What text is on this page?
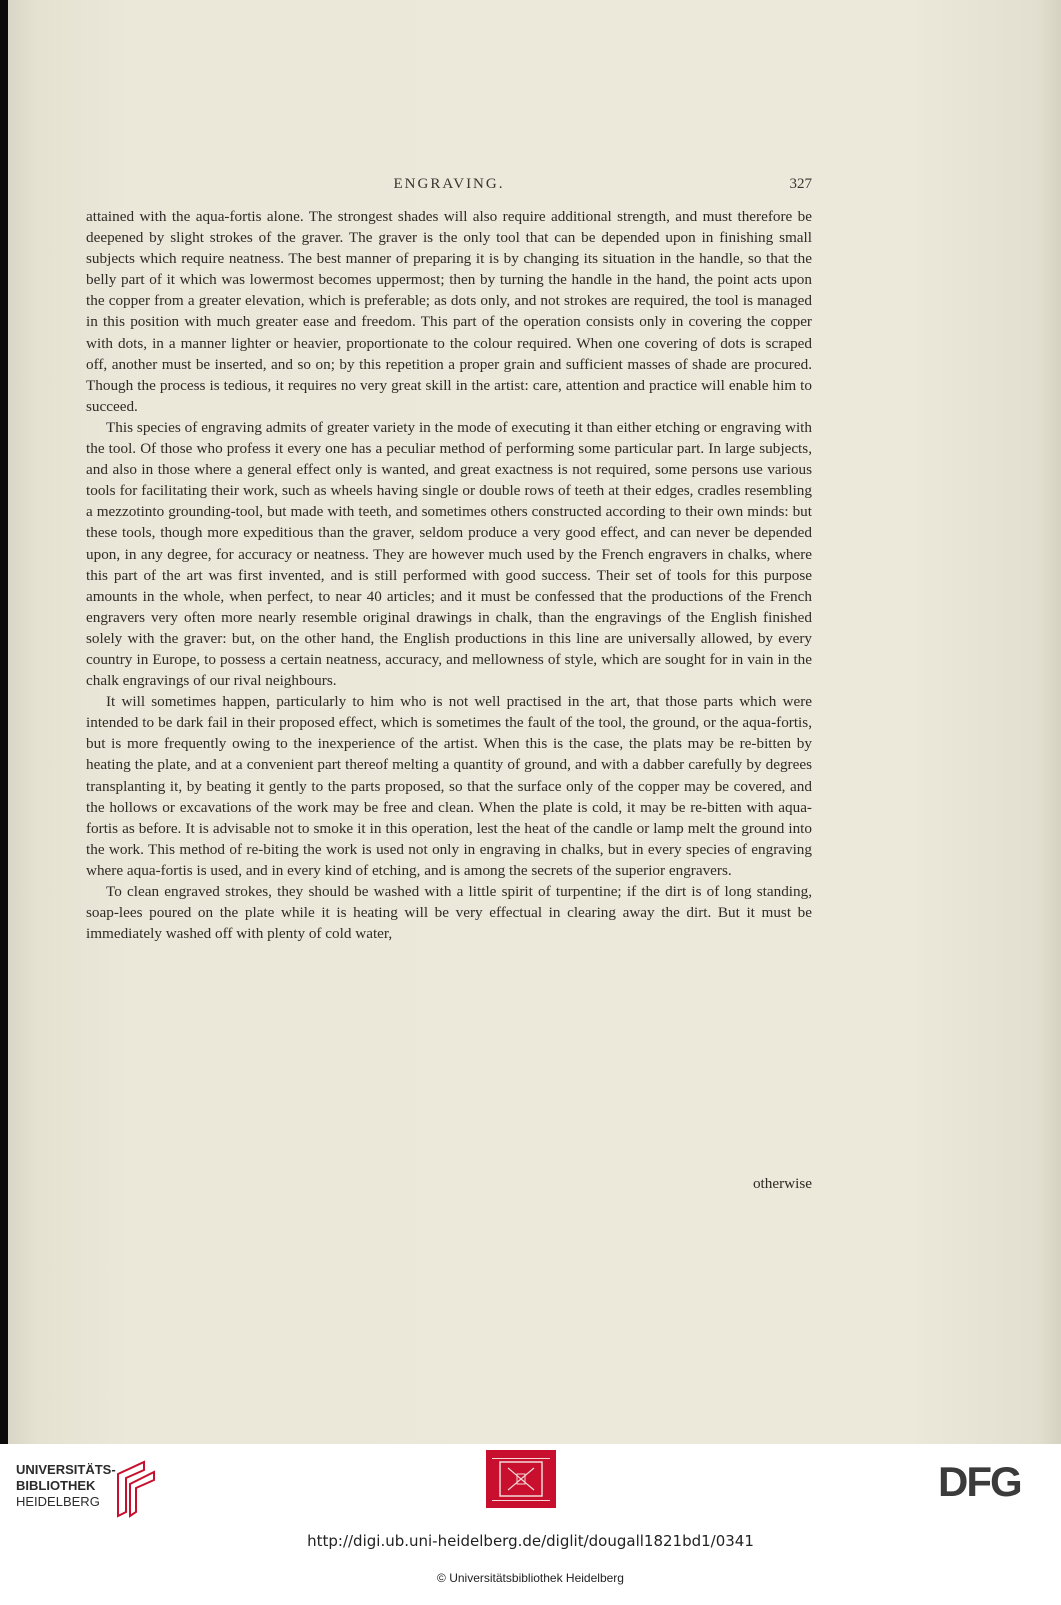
ENGRAVING.	327

attained with the aqua-fortis alone. The strongest shades will also require additional strength, and must therefore be deepened by slight strokes of the graver. The graver is the only tool that can be depended upon in finishing small subjects which require neatness. The best manner of preparing it is by changing its situation in the handle, so that the belly part of it which was lowermost becomes uppermost; then by turning the handle in the hand, the point acts upon the copper from a greater elevation, which is preferable; as dots only, and not strokes are required, the tool is managed in this position with much greater ease and freedom. This part of the operation consists only in covering the copper with dots, in a manner lighter or heavier, proportionate to the colour required. When one covering of dots is scraped off, another must be inserted, and so on; by this repetition a proper grain and sufficient masses of shade are procured. Though the process is tedious, it requires no very great skill in the artist: care, attention and practice will enable him to succeed.

This species of engraving admits of greater variety in the mode of executing it than either etching or engraving with the tool. Of those who profess it every one has a peculiar method of performing some particular part. In large subjects, and also in those where a general effect only is wanted, and great exactness is not required, some persons use various tools for facilitating their work, such as wheels having single or double rows of teeth at their edges, cradles resembling a mezzotinto grounding-tool, but made with teeth, and sometimes others constructed according to their own minds: but these tools, though more expeditious than the graver, seldom produce a very good effect, and can never be depended upon, in any degree, for accuracy or neatness. They are however much used by the French engravers in chalks, where this part of the art was first invented, and is still performed with good success. Their set of tools for this purpose amounts in the whole, when perfect, to near 40 articles; and it must be confessed that the productions of the French engravers very often more nearly resemble original drawings in chalk, than the engravings of the English finished solely with the graver: but, on the other hand, the English productions in this line are universally allowed, by every country in Europe, to possess a certain neatness, accuracy, and mellowness of style, which are sought for in vain in the chalk engravings of our rival neighbours.

It will sometimes happen, particularly to him who is not well practised in the art, that those parts which were intended to be dark fail in their proposed effect, which is sometimes the fault of the tool, the ground, or the aqua-fortis, but is more frequently owing to the inexperience of the artist. When this is the case, the plats may be re-bitten by heating the plate, and at a convenient part thereof melting a quantity of ground, and with a dabber carefully by degrees transplanting it, by beating it gently to the parts proposed, so that the surface only of the copper may be covered, and the hollows or excavations of the work may be free and clean. When the plate is cold, it may be re-bitten with aqua-fortis as before. It is advisable not to smoke it in this operation, lest the heat of the candle or lamp melt the ground into the work. This method of re-biting the work is used not only in engraving in chalks, but in every species of engraving where aqua-fortis is used, and in every kind of etching, and is among the secrets of the superior engravers.

To clean engraved strokes, they should be washed with a little spirit of turpentine; if the dirt is of long standing, soap-lees poured on the plate while it is heating will be very effectual in clearing away the dirt. But it must be immediately washed off with plenty of cold water,

otherwise
UNIVERSITÄTS-
BIBLIOTHEK
HEIDELBERG	DFG
http://digi.ub.uni-heidelberg.de/diglit/dougall1821bd1/0341
© Universitätsbibliothek Heidelberg
